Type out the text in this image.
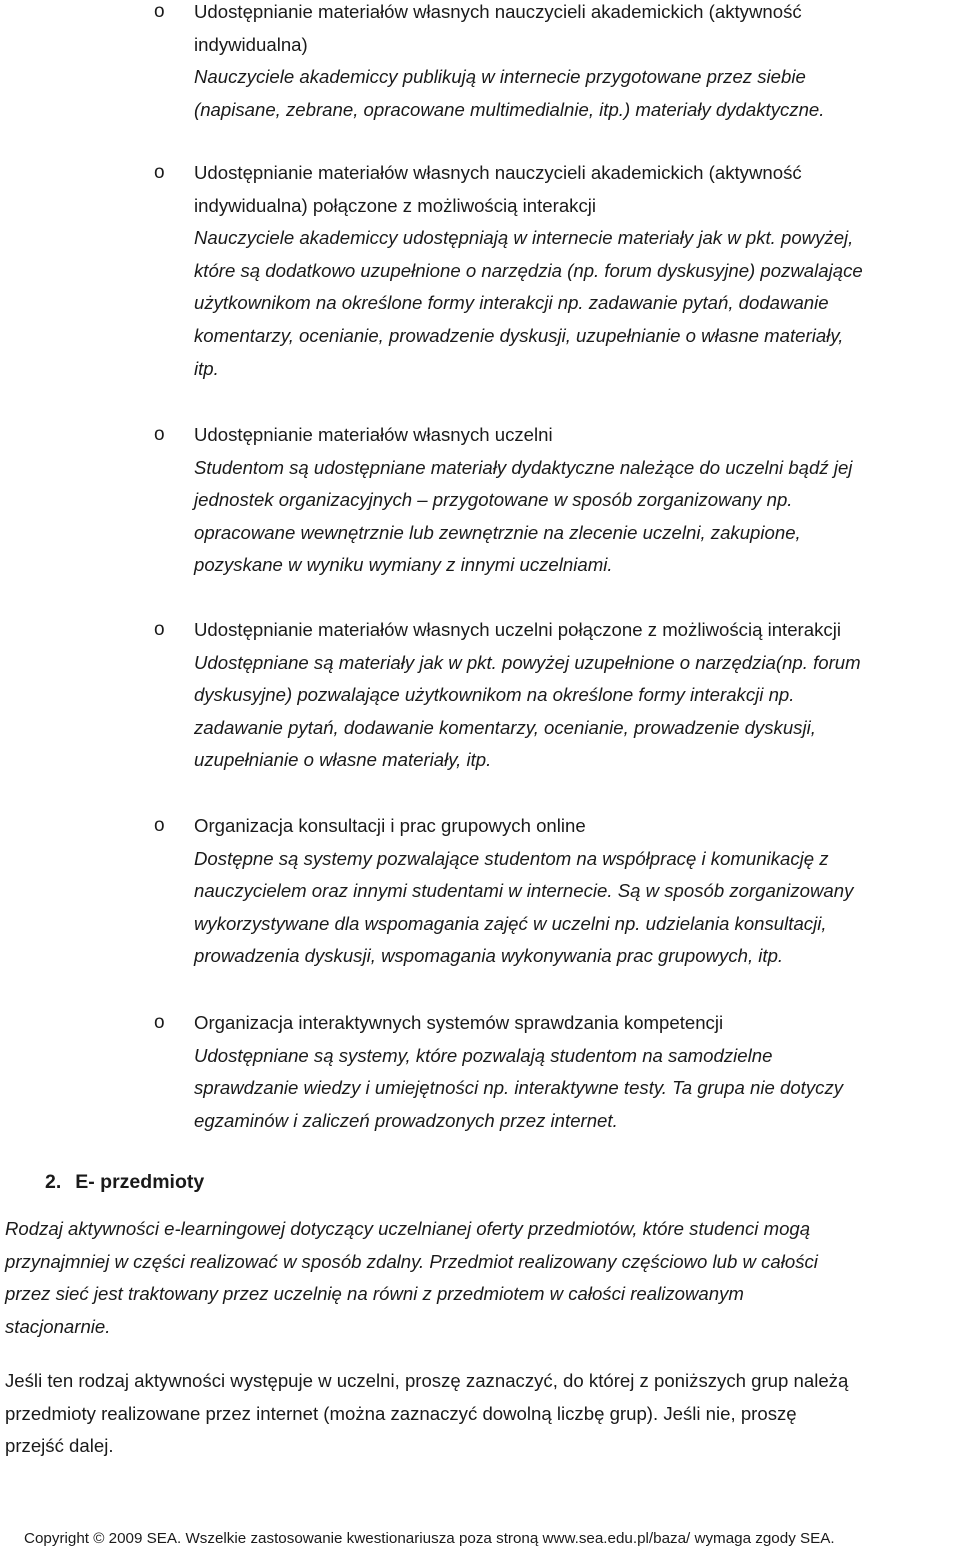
o Udostępnianie materiałów własnych nauczycieli akademickich (aktywność
indywidualna)
Nauczyciele akademiccy publikują w internecie przygotowane przez siebie
(napisane, zebrane, opracowane multimedialnie, itp.) materiały dydaktyczne.
o Udostępnianie materiałów własnych nauczycieli akademickich (aktywność
indywidualna) połączone z możliwością interakcji
Nauczyciele akademiccy udostępniają w internecie materiały jak w pkt. powyżej,
które są dodatkowo uzupełnione o narzędzia (np. forum dyskusyjne) pozwalające
użytkownikom na określone formy interakcji np. zadawanie pytań, dodawanie
komentarzy, ocenianie, prowadzenie dyskusji, uzupełnianie o własne materiały,
itp.
o Udostępnianie materiałów własnych uczelni
Studentom są udostępniane materiały dydaktyczne należące do uczelni bądź jej
jednostek organizacyjnych – przygotowane w sposób zorganizowany np.
opracowane wewnętrznie lub zewnętrznie na zlecenie uczelni, zakupione,
pozyskane w wyniku wymiany z innymi uczelniami.
o Udostępnianie materiałów własnych uczelni połączone z możliwością interakcji
Udostępniane są materiały jak w pkt. powyżej uzupełnione o narzędzia(np. forum
dyskusyjne) pozwalające użytkownikom na określone formy interakcji np.
zadawanie pytań, dodawanie komentarzy, ocenianie, prowadzenie dyskusji,
uzupełnianie o własne materiały, itp.
o Organizacja konsultacji i prac grupowych online
Dostępne są systemy pozwalające studentom na współpracę i komunikację z
nauczycielem oraz innymi studentami w internecie. Są w sposób zorganizowany
wykorzystywane dla wspomagania zajęć w uczelni np. udzielania konsultacji,
prowadzenia dyskusji, wspomagania wykonywania prac grupowych, itp.
o Organizacja interaktywnych systemów sprawdzania kompetencji
Udostępniane są systemy, które pozwalają studentom na samodzielne
sprawdzanie wiedzy i umiejętności np. interaktywne testy. Ta grupa nie dotyczy
egzaminów i zaliczeń prowadzonych przez internet.
2. E- przedmioty
Rodzaj aktywności e-learningowej dotyczący uczelnianej oferty przedmiotów, które studenci mogą
przynajmniej w części realizować w sposób zdalny. Przedmiot realizowany częściowo lub w całości
przez sieć jest traktowany przez uczelnię na równi z przedmiotem w całości realizowanym
stacjonarnie.
Jeśli ten rodzaj aktywności występuje w uczelni, proszę zaznaczyć, do której z poniższych grup należą
przedmioty realizowane przez internet (można zaznaczyć dowolną liczbę grup). Jeśli nie, proszę
przejść dalej.
Copyright © 2009 SEA. Wszelkie zastosowanie kwestionariusza poza stroną www.sea.edu.pl/baza/ wymaga zgody SEA.
